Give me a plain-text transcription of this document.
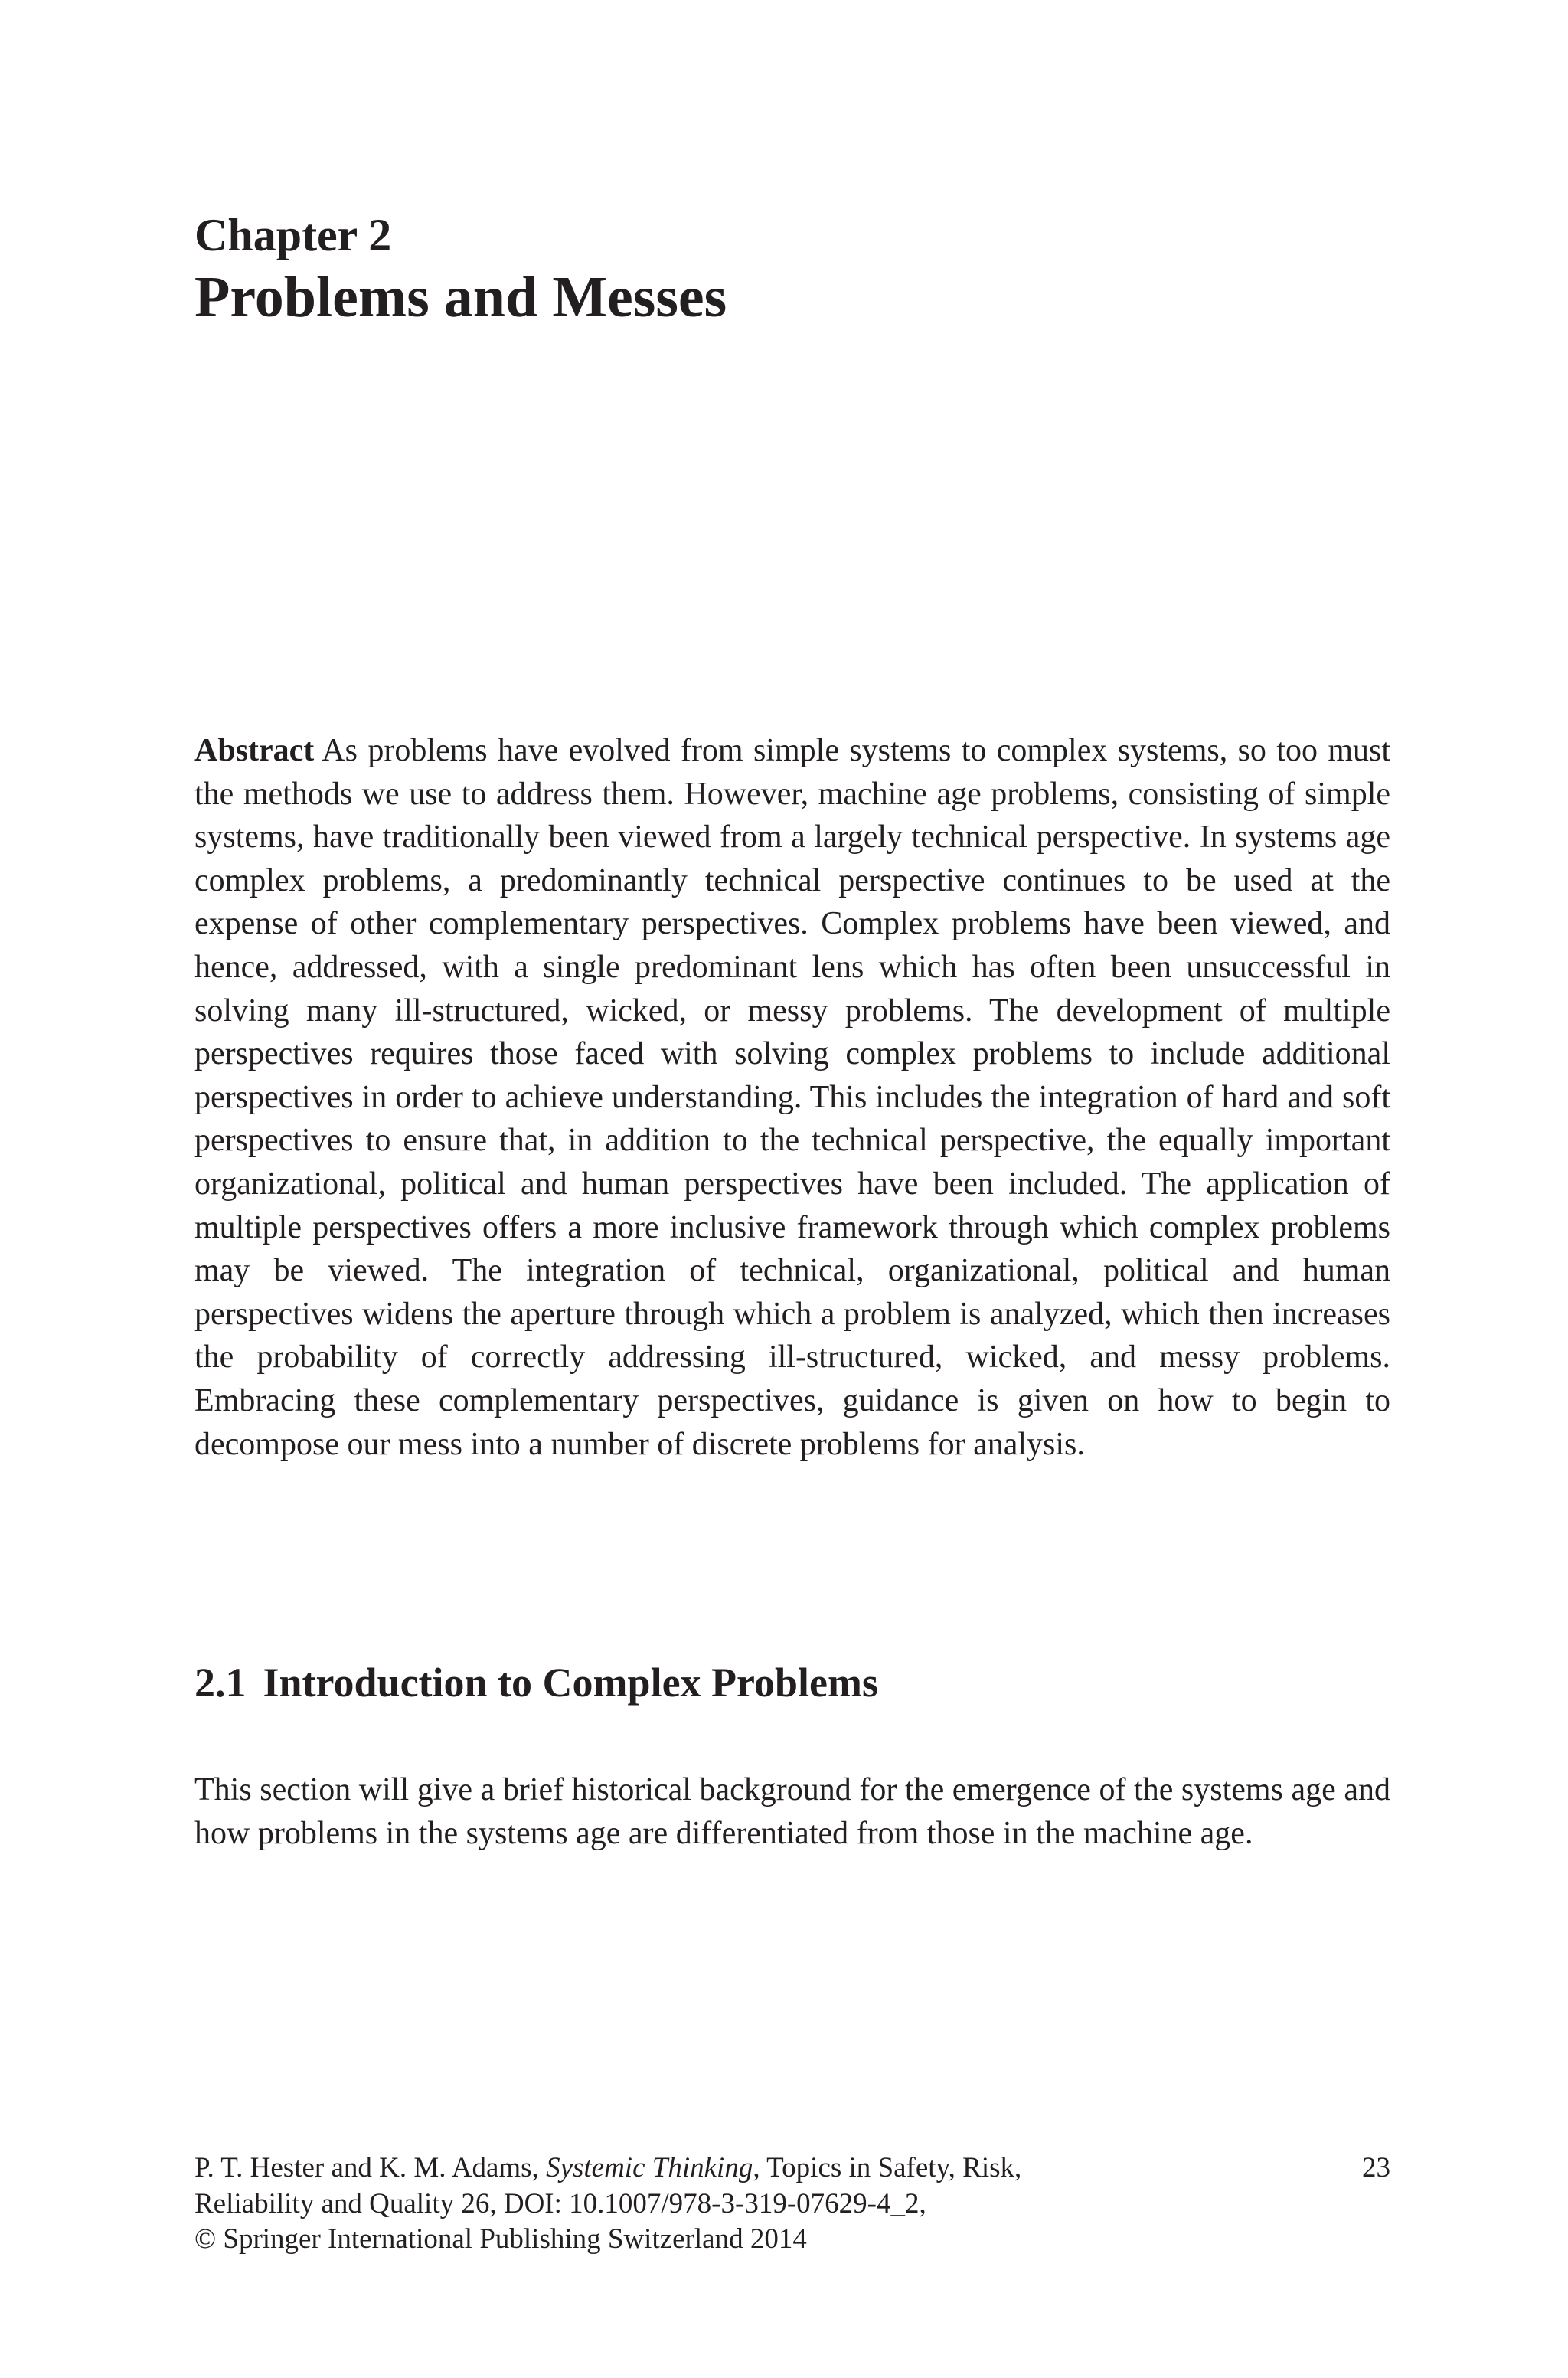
Chapter 2
Problems and Messes

Abstract As problems have evolved from simple systems to complex systems, so too must the methods we use to address them. However, machine age problems, consisting of simple systems, have traditionally been viewed from a largely technical perspective. In systems age complex problems, a predominantly technical perspective continues to be used at the expense of other complementary perspectives. Complex problems have been viewed, and hence, addressed, with a single predominant lens which has often been unsuccessful in solving many ill-structured, wicked, or messy problems. The development of multiple perspectives requires those faced with solving complex problems to include additional perspectives in order to achieve understanding. This includes the integration of hard and soft perspectives to ensure that, in addition to the technical perspective, the equally important organizational, political and human perspectives have been included. The application of multiple perspectives offers a more inclusive framework through which complex problems may be viewed. The integration of technical, organizational, political and human perspectives widens the aperture through which a problem is analyzed, which then increases the probability of correctly addressing ill-structured, wicked, and messy problems. Embracing these complementary perspectives, guidance is given on how to begin to decompose our mess into a number of discrete problems for analysis.

2.1 Introduction to Complex Problems

This section will give a brief historical background for the emergence of the systems age and how problems in the systems age are differentiated from those in the machine age.

P. T. Hester and K. M. Adams, Systemic Thinking, Topics in Safety, Risk,
Reliability and Quality 26, DOI: 10.1007/978-3-319-07629-4_2,
© Springer International Publishing Switzerland 2014
23
